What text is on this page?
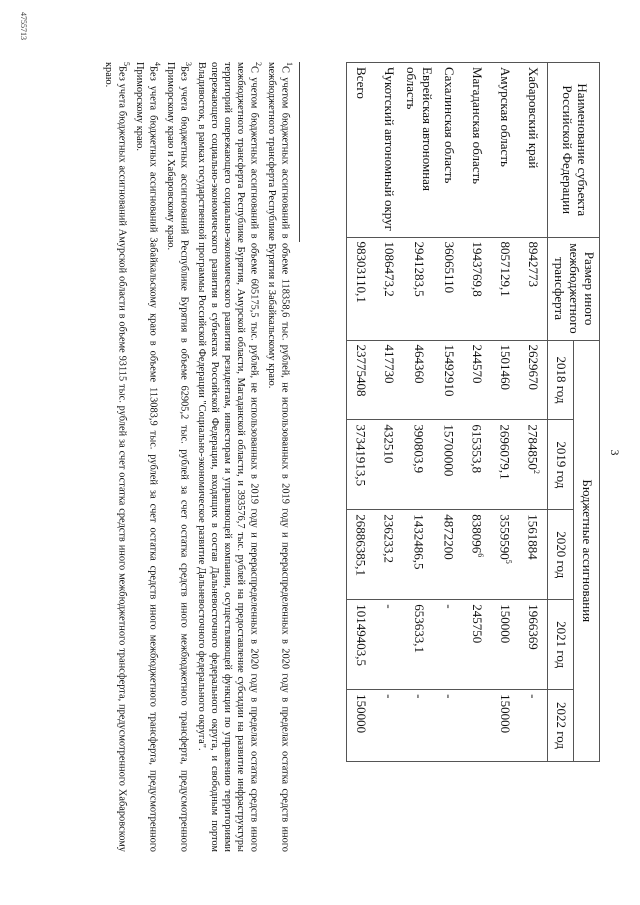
3
Наименование субъекта Российской Федерации	Размер иного межбюджетного трансферта	Бюджетные ассигнования				
		2018 год	2019 год	2020 год	2021 год	2022 год
Хабаровский край	8942773	2629670	2784850$^2$	1561884	1966369	-
Амурская область	8057129,1	1501460	2696079,1	3559590$^5$	150000	150000
Магаданская область	1943769,8	244570	615353,8	838096$^6$	245750	
Сахалинская область	36065110	15492910	15700000	4872200	-	-
Еврейская автономная область	2941283,5	464360	390803,9	1432486,5	653633,1	-
Чукотский автономный округ	1086473,2	417730	432510	236233,2	-	-
Всего	98303110,1	23775408	37341913,5	26886385,1	10149403,5	150000

$^1$С учетом бюджетных ассигнований в объеме 118358,6 тыс. рублей, не использованных в 2019 году и перераспределенных в 2020 году в пределах остатка средств иного межбюджетного трансферта Республике Бурятия и Забайкальскому краю.

$^2$С учетом бюджетных ассигнований в объеме 605175,5 тыс. рублей, не использованных в 2019 году и перераспределенных в 2020 году в пределах остатка средств иного межбюджетного трансферта Республике Бурятия, Амурской области, Магаданской области, и 393576,7 тыс. рублей на предоставление субсидии на развитие инфраструктуры территорий опережающего социально-экономического развития резидентам, инвесторам и управляющей компании, осуществляющей функции по управлению территориями опережающего социально-экономического развития в субъектах Российской Федерации, входящих в состав Дальневосточного федерального округа, и свободным портом Владивосток, в рамках государственной программы Российской Федерации "Социально-экономическое развитие Дальневосточного федерального округа".

$^3$Без учета бюджетных ассигнований Республике Бурятия в объеме 62905,2 тыс. рублей за счет остатка средств иного межбюджетного трансферта, предусмотренного Приморскому краю и Хабаровскому краю.

$^4$Без учета бюджетных ассигнований Забайкальскому краю в объеме 113083,9 тыс. рублей за счет остатка средств иного межбюджетного трансферта, предусмотренного Приморскому краю.

$^5$Без учета бюджетных ассигнований Амурской области в объеме 93115 тыс. рублей за счет остатка средств иного межбюджетного трансферта, предусмотренного Хабаровскому краю.

4755713
